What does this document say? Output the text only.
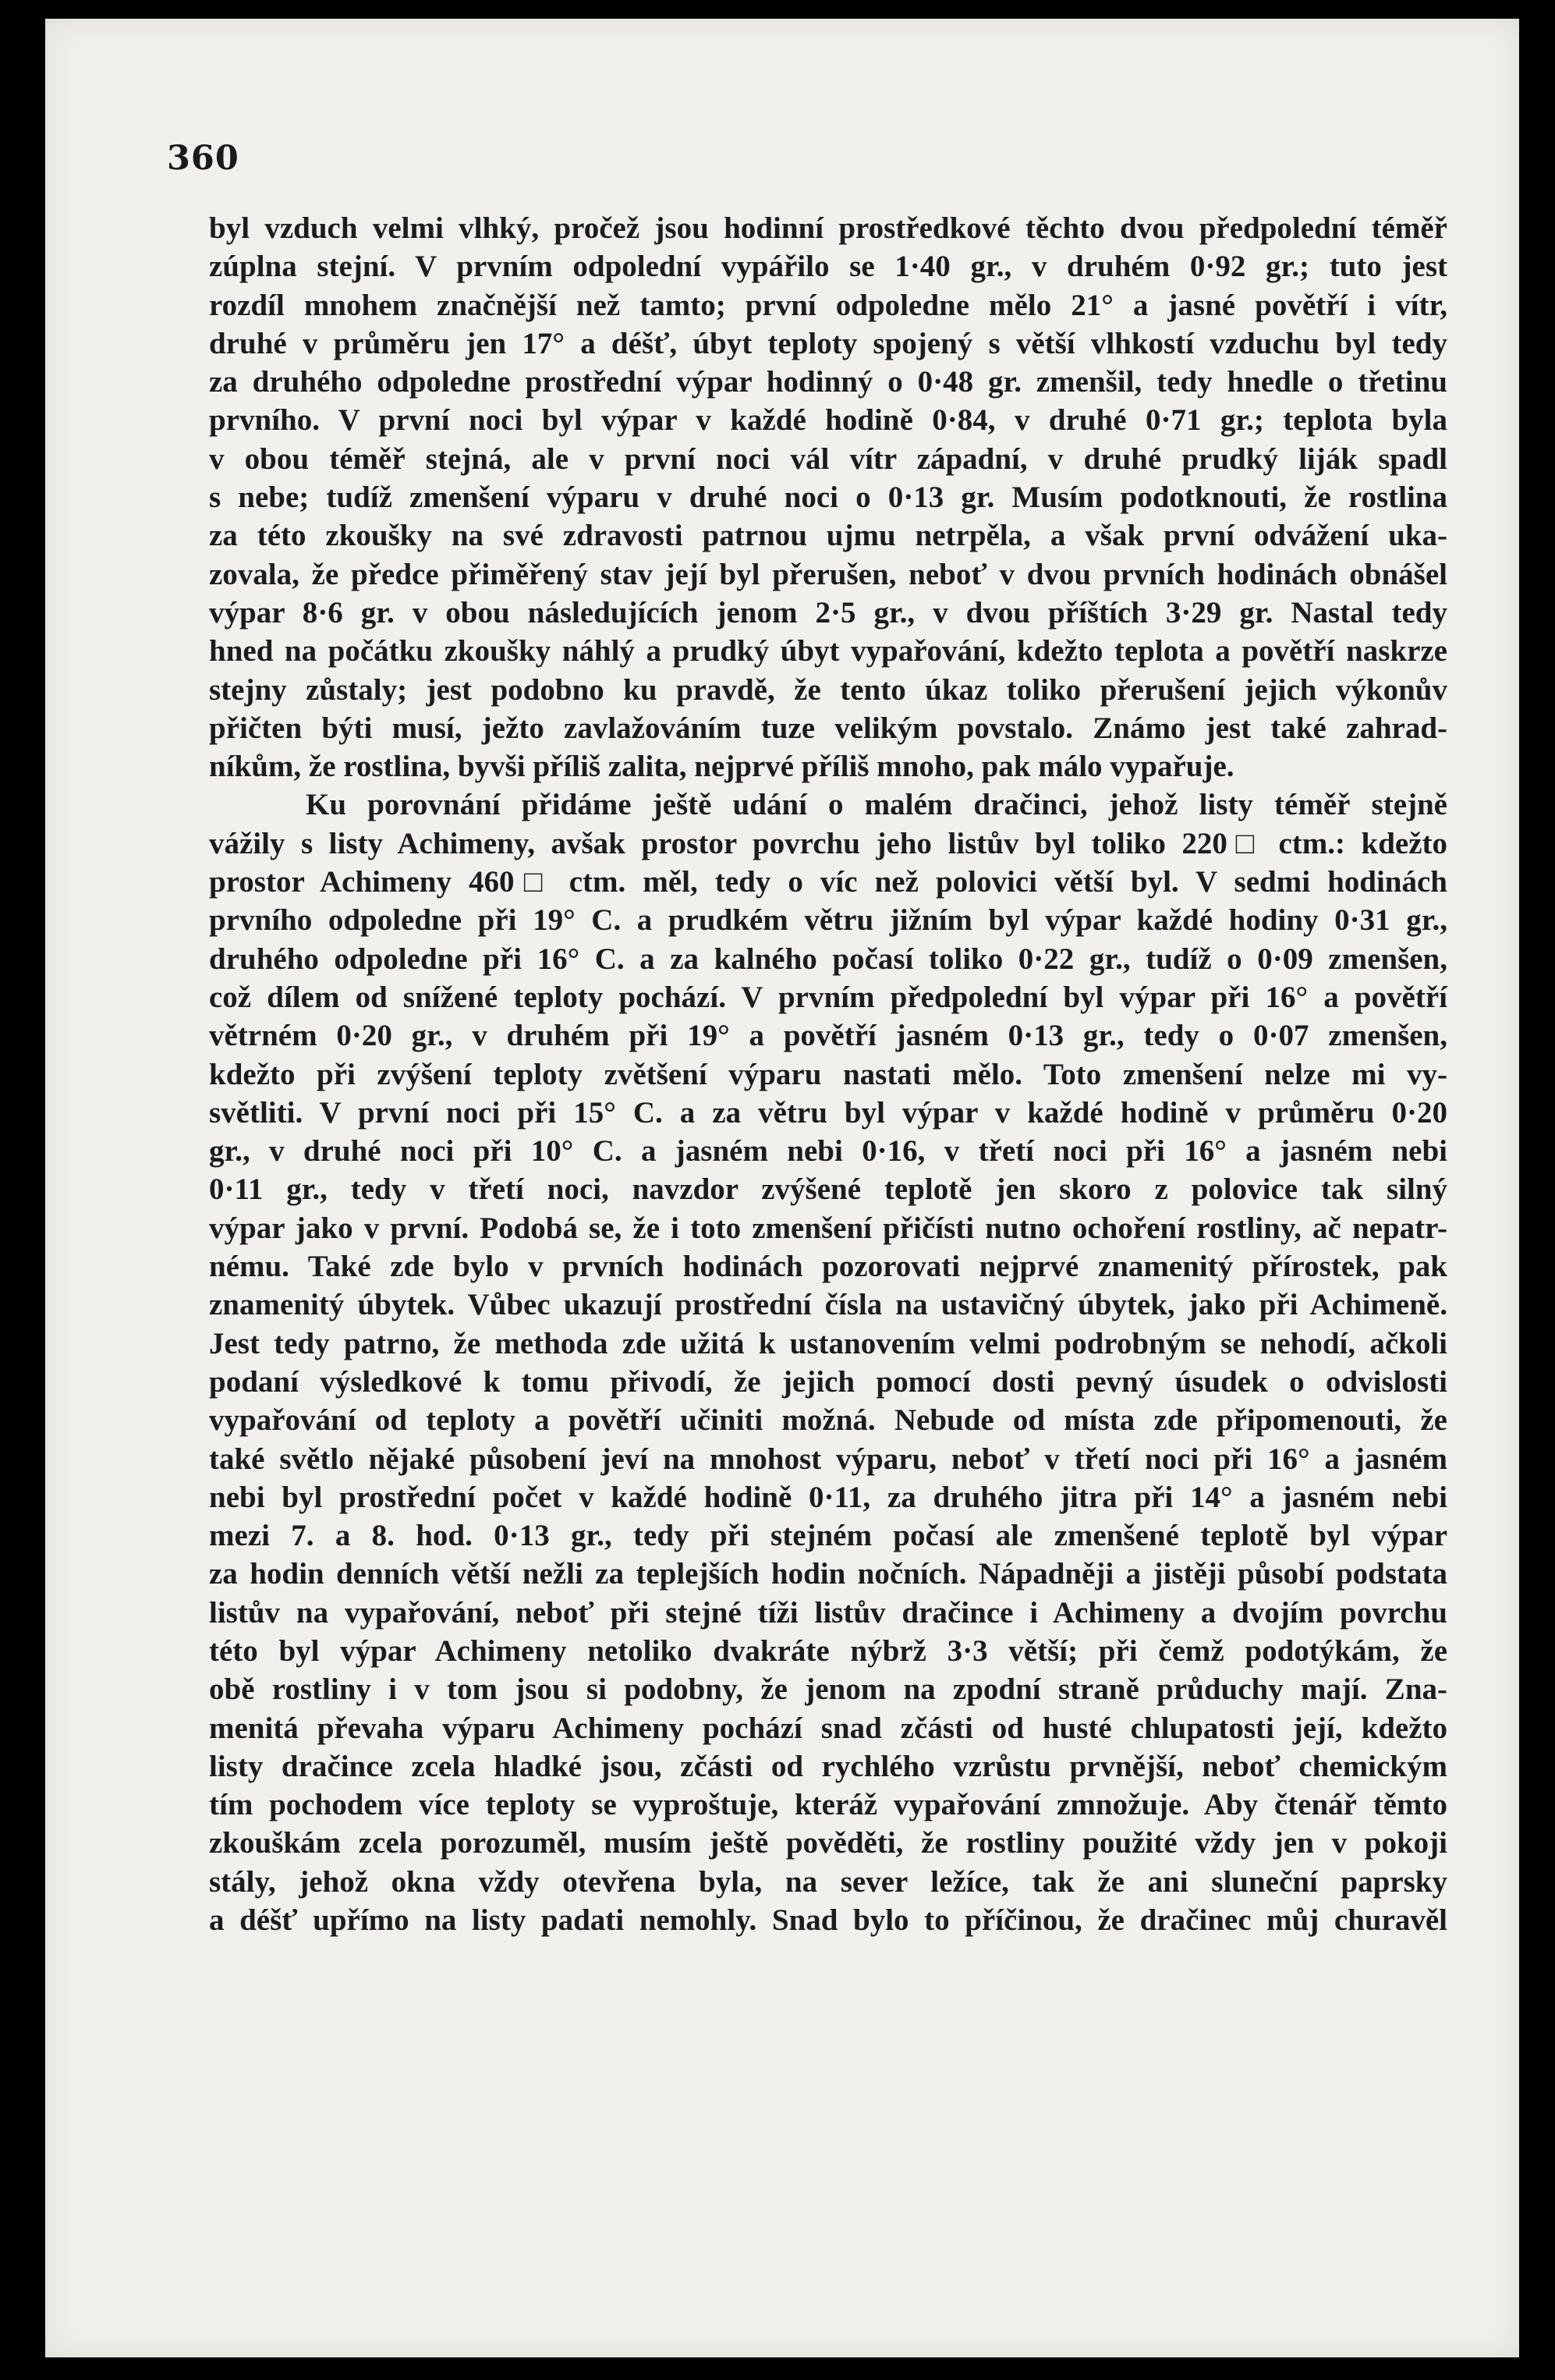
360
byl vzduch velmi vlhký, pročež jsou hodinní prostředkové těchto dvou předpolední téměř
zúplna stejní. V prvním odpolední vypářilo se 1·40 gr., v druhém 0·92 gr.; tuto jest
rozdíl mnohem značnější než tamto; první odpoledne mělo 21° a jasné povětří i vítr,
druhé v průměru jen 17° a déšť, úbyt teploty spojený s větší vlhkostí vzduchu byl tedy
za druhého odpoledne prostřední výpar hodinný o 0·48 gr. zmenšil, tedy hnedle o třetinu
prvního. V první noci byl výpar v každé hodině 0·84, v druhé 0·71 gr.; teplota byla
v obou téměř stejná, ale v první noci vál vítr západní, v druhé prudký liják spadl
s nebe; tudíž zmenšení výparu v druhé noci o 0·13 gr. Musím podotknouti, že rostlina
za této zkoušky na své zdravosti patrnou ujmu netrpěla, a však první odvážení uka-
zovala, že předce přiměřený stav její byl přerušen, neboť v dvou prvních hodinách obnášel
výpar 8·6 gr. v obou následujících jenom 2·5 gr., v dvou příštích 3·29 gr. Nastal tedy
hned na počátku zkoušky náhlý a prudký úbyt vypařování, kdežto teplota a povětří naskrze
stejny zůstaly; jest podobno ku pravdě, že tento úkaz toliko přerušení jejich výkonův
přičten býti musí, ježto zavlažováním tuze velikým povstalo. Známo jest také zahrad-
níkům, že rostlina, byvši příliš zalita, nejprvé příliš mnoho, pak málo vypařuje.
Ku porovnání přidáme ještě udání o malém dračinci, jehož listy téměř stejně
vážily s listy Achimeny, avšak prostor povrchu jeho listův byl toliko 220□ ctm.: kdežto
prostor Achimeny 460□ ctm. měl, tedy o víc než polovici větší byl. V sedmi hodinách
prvního odpoledne při 19° C. a prudkém větru jižním byl výpar každé hodiny 0·31 gr.,
druhého odpoledne při 16° C. a za kalného počasí toliko 0·22 gr., tudíž o 0·09 zmenšen,
což dílem od snížené teploty pochází. V prvním předpolední byl výpar při 16° a povětří
větrném 0·20 gr., v druhém při 19° a povětří jasném 0·13 gr., tedy o 0·07 zmenšen,
kdežto při zvýšení teploty zvětšení výparu nastati mělo. Toto zmenšení nelze mi vy-
světliti. V první noci při 15° C. a za větru byl výpar v každé hodině v průměru 0·20
gr., v druhé noci při 10° C. a jasném nebi 0·16, v třetí noci při 16° a jasném nebi
0·11 gr., tedy v třetí noci, navzdor zvýšené teplotě jen skoro z polovice tak silný
výpar jako v první. Podobá se, že i toto zmenšení přičísti nutno ochoření rostliny, ač nepatr-
nému. Také zde bylo v prvních hodinách pozorovati nejprvé znamenitý přírostek, pak
znamenitý úbytek. Vůbec ukazují prostřední čísla na ustavičný úbytek, jako při Achimeně.
Jest tedy patrno, že methoda zde užitá k ustanovením velmi podrobným se nehodí, ačkoli
podaní výsledkové k tomu přivodí, že jejich pomocí dosti pevný úsudek o odvislosti
vypařování od teploty a povětří učiniti možná. Nebude od místa zde připomenouti, že
také světlo nějaké působení jeví na mnohost výparu, neboť v třetí noci při 16° a jasném
nebi byl prostřední počet v každé hodině 0·11, za druhého jitra při 14° a jasném nebi
mezi 7. a 8. hod. 0·13 gr., tedy při stejném počasí ale zmenšené teplotě byl výpar
za hodin denních větší nežli za teplejších hodin nočních. Nápadněji a jistěji působí podstata
listův na vypařování, neboť při stejné tíži listův dračince i Achimeny a dvojím povrchu
této byl výpar Achimeny netoliko dvakráte nýbrž 3·3 větší; při čemž podotýkám, že
obě rostliny i v tom jsou si podobny, že jenom na zpodní straně průduchy mají. Zna-
menitá převaha výparu Achimeny pochází snad zčásti od husté chlupatosti její, kdežto
listy dračince zcela hladké jsou, zčásti od rychlého vzrůstu prvnější, neboť chemickým
tím pochodem více teploty se vyproštuje, kteráž vypařování zmnožuje. Aby čtenář těmto
zkouškám zcela porozuměl, musím ještě pověděti, že rostliny použité vždy jen v pokoji
stály, jehož okna vždy otevřena byla, na sever ležíce, tak že ani sluneční paprsky
a déšť upřímo na listy padati nemohly. Snad bylo to příčinou, že dračinec můj churavěl
